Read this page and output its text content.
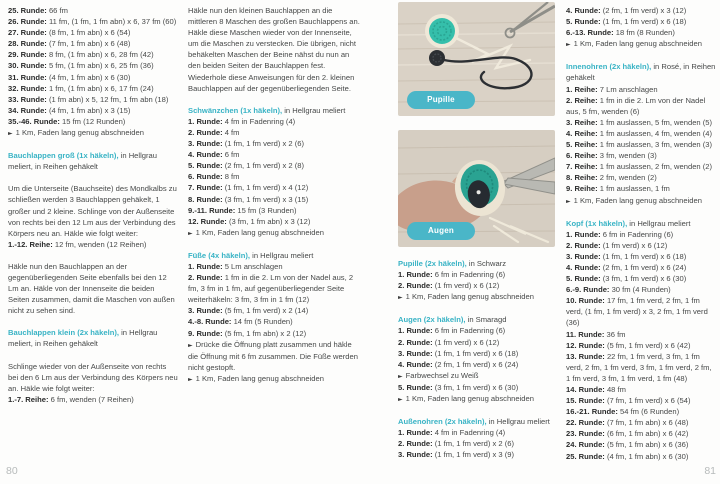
25. Runde: 66 fm
26. Runde: 11 fm, (1 fm, 1 fm abn) x 6, 37 fm (60)
27. Runde: (8 fm, 1 fm abn) x 6 (54)
28. Runde: (7 fm, 1 fm abn) x 6 (48)
29. Runde: 8 fm, (1 fm abn) x 6, 28 fm (42)
30. Runde: 5 fm, (1 fm abn) x 6, 25 fm (36)
31. Runde: (4 fm, 1 fm abn) x 6 (30)
32. Runde: 1 fm, (1 fm abn) x 6, 17 fm (24)
33. Runde: (1 fm abn) x 5, 12 fm, 1 fm abn (18)
34. Runde: (4 fm, 1 fm abn) x 3 (15)
35.-46. Runde: 15 fm (12 Runden)
► 1 Km, Faden lang genug abschneiden
Bauchlappen groß (1x häkeln), in Hellgrau meliert, in Reihen gehäkelt
Um die Unterseite (Bauchseite) des Mondkalbs zu schließen werden 3 Bauchlappen gehäkelt, 1 großer und 2 kleine. Schlinge von der Außenseite von rechts bei den 12 Lm aus der Verbindung des Körpers neu an. Häkle wie folgt weiter:
1.-12. Reihe: 12 fm, wenden (12 Reihen)
Häkle nun den Bauchlappen an der gegenüberliegenden Seite ebenfalls bei den 12 Lm an. Häkle von der Innenseite die beiden Seiten zusammen, damit die Maschen von außen nicht zu sehen sind.
Bauchlappen klein (2x häkeln), in Hellgrau meliert, in Reihen gehäkelt
Schlinge wieder von der Außenseite von rechts bei den 6 Lm aus der Verbindung des Körpers neu an. Häkle wie folgt weiter:
1.-7. Reihe: 6 fm, wenden (7 Reihen)
Häkle nun den kleinen Bauchlappen an die mittleren 8 Maschen des großen Bauchlappens an. Häkle diese Maschen wieder von der Innenseite, um die Maschen zu verstecken. Die übrigen, nicht behäkelten Maschen der Beine nähst du nun an den beiden Seiten der Bauchlappen fest. Wiederhole diese Anweisungen für den 2. kleinen Bauchlappen auf der gegenüberliegenden Seite.
Schwänzchen (1x häkeln), in Hellgrau meliert
1. Runde: 4 fm in Fadenring (4)
2. Runde: 4 fm
3. Runde: (1 fm, 1 fm verd) x 2 (6)
4. Runde: 6 fm
5. Runde: (2 fm, 1 fm verd) x 2 (8)
6. Runde: 8 fm
7. Runde: (1 fm, 1 fm verd) x 4 (12)
8. Runde: (3 fm, 1 fm verd) x 3 (15)
9.-11. Runde: 15 fm (3 Runden)
12. Runde: (3 fm, 1 fm abn) x 3 (12)
► 1 Km, Faden lang genug abschneiden
Füße (4x häkeln), in Hellgrau meliert
1. Runde: 5 Lm anschlagen
2. Runde: 1 fm in die 2. Lm von der Nadel aus, 2 fm, 3 fm in 1 fm, auf gegenüberliegender Seite weiterhäkeln: 3 fm, 3 fm in 1 fm (12)
3. Runde: (5 fm, 1 fm verd) x 2 (14)
4.-8. Runde: 14 fm (5 Runden)
9. Runde: (5 fm, 1 fm abn) x 2 (12)
► Drücke die Öffnung platt zusammen und häkle die Öffnung mit 6 fm zusammen. Die Füße werden nicht gestopft.
► 1 Km, Faden lang genug abschneiden
80
Pupille
Augen
Pupille (2x häkeln), in Schwarz
1. Runde: 6 fm in Fadenring (6)
2. Runde: (1 fm verd) x 6 (12)
► 1 Km, Faden lang genug abschneiden
Augen (2x häkeln), in Smaragd
1. Runde: 6 fm in Fadenring (6)
2. Runde: (1 fm verd) x 6 (12)
3. Runde: (1 fm, 1 fm verd) x 6 (18)
4. Runde: (2 fm, 1 fm verd) x 6 (24)
► Farbwechsel zu Weiß
5. Runde: (3 fm, 1 fm verd) x 6 (30)
► 1 Km, Faden lang genug abschneiden
Außenohren (2x häkeln), in Hellgrau meliert
1. Runde: 4 fm in Fadenring (4)
2. Runde: (1 fm, 1 fm verd) x 2 (6)
3. Runde: (1 fm, 1 fm verd) x 3 (9)
4. Runde: (2 fm, 1 fm verd) x 3 (12)
5. Runde: (1 fm, 1 fm verd) x 6 (18)
6.-13. Runde: 18 fm (8 Runden)
► 1 Km, Faden lang genug abschneiden
Innenohren (2x häkeln), in Rosé, in Reihen gehäkelt
1. Reihe: 7 Lm anschlagen
2. Reihe: 1 fm in die 2. Lm von der Nadel aus, 5 fm, wenden (6)
3. Reihe: 1 fm auslassen, 5 fm, wenden (5)
4. Reihe: 1 fm auslassen, 4 fm, wenden (4)
5. Reihe: 1 fm auslassen, 3 fm, wenden (3)
6. Reihe: 3 fm, wenden (3)
7. Reihe: 1 fm auslassen, 2 fm, wenden (2)
8. Reihe: 2 fm, wenden (2)
9. Reihe: 1 fm auslassen, 1 fm
► 1 Km, Faden lang genug abschneiden
Kopf (1x häkeln), in Hellgrau meliert
1. Runde: 6 fm in Fadenring (6)
2. Runde: (1 fm verd) x 6 (12)
3. Runde: (1 fm, 1 fm verd) x 6 (18)
4. Runde: (2 fm, 1 fm verd) x 6 (24)
5. Runde: (3 fm, 1 fm verd) x 6 (30)
6.-9. Runde: 30 fm (4 Runden)
10. Runde: 17 fm, 1 fm verd, 2 fm, 1 fm verd, (1 fm, 1 fm verd) x 3, 2 fm, 1 fm verd (36)
11. Runde: 36 fm
12. Runde: (5 fm, 1 fm verd) x 6 (42)
13. Runde: 22 fm, 1 fm verd, 3 fm, 1 fm verd, 2 fm, 1 fm verd, 3 fm, 1 fm verd, 2 fm, 1 fm verd, 3 fm, 1 fm verd, 1 fm (48)
14. Runde: 48 fm
15. Runde: (7 fm, 1 fm verd) x 6 (54)
16.-21. Runde: 54 fm (6 Runden)
22. Runde: (7 fm, 1 fm abn) x 6 (48)
23. Runde: (6 fm, 1 fm abn) x 6 (42)
24. Runde: (5 fm, 1 fm abn) x 6 (36)
25. Runde: (4 fm, 1 fm abn) x 6 (30)
81
